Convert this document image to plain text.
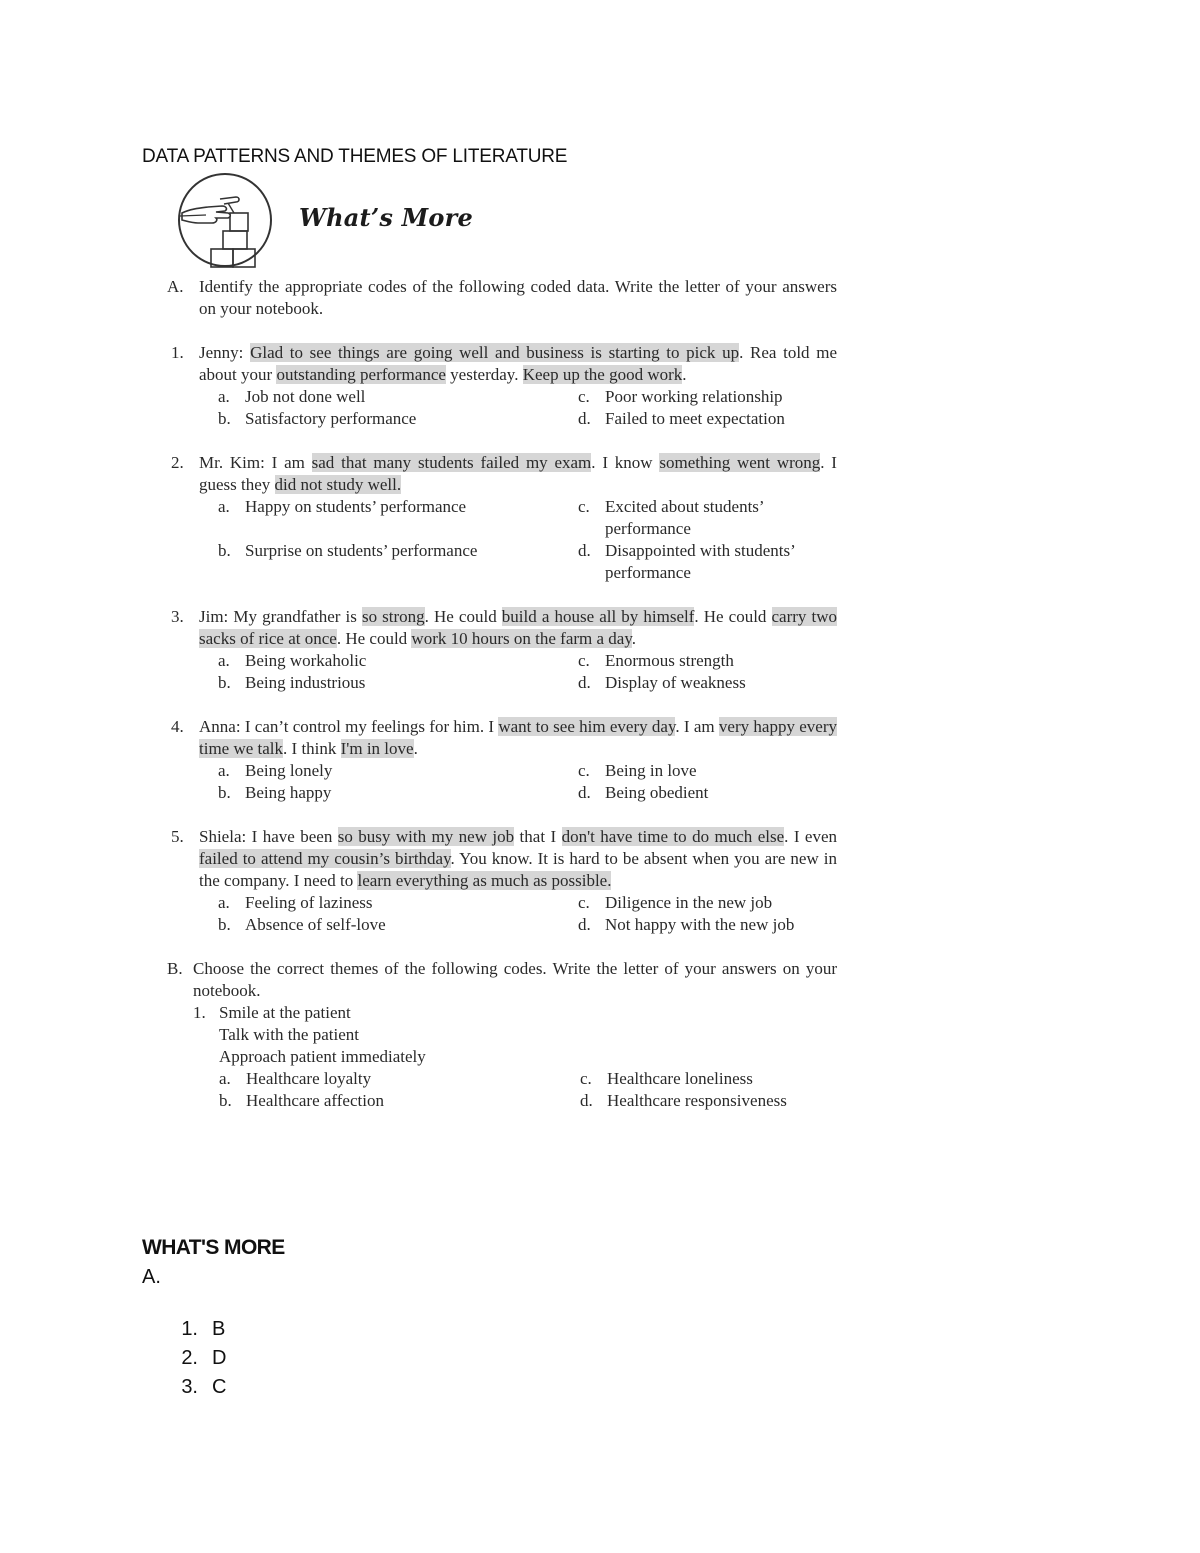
DATA PATTERNS AND THEMES OF LITERATURE
What’s More
A. Identify the appropriate codes of the following coded data. Write the letter of your answers on your notebook.
1. Jenny: Glad to see things are going well and business is starting to pick up. Rea told me about your outstanding performance yesterday. Keep up the good work.
a. Job not done well	c. Poor working relationship
b. Satisfactory performance	d. Failed to meet expectation
2. Mr. Kim: I am sad that many students failed my exam. I know something went wrong. I guess they did not study well.
a. Happy on students’ performance	c. Excited about students’ performance
b. Surprise on students’ performance	d. Disappointed with students’ performance
3. Jim: My grandfather is so strong. He could build a house all by himself. He could carry two sacks of rice at once. He could work 10 hours on the farm a day.
a. Being workaholic	c. Enormous strength
b. Being industrious	d. Display of weakness
4. Anna: I can’t control my feelings for him. I want to see him every day. I am very happy every time we talk. I think I'm in love.
a. Being lonely	c. Being in love
b. Being happy	d. Being obedient
5. Shiela: I have been so busy with my new job that I don't have time to do much else. I even failed to attend my cousin’s birthday. You know. It is hard to be absent when you are new in the company. I need to learn everything as much as possible.
a. Feeling of laziness	c. Diligence in the new job
b. Absence of self-love	d. Not happy with the new job
B. Choose the correct themes of the following codes. Write the letter of your answers on your notebook.
1. Smile at the patient
Talk with the patient
Approach patient immediately
a. Healthcare loyalty	c. Healthcare loneliness
b. Healthcare affection	d. Healthcare responsiveness
WHAT'S MORE
A.
1. B
2. D
3. C
